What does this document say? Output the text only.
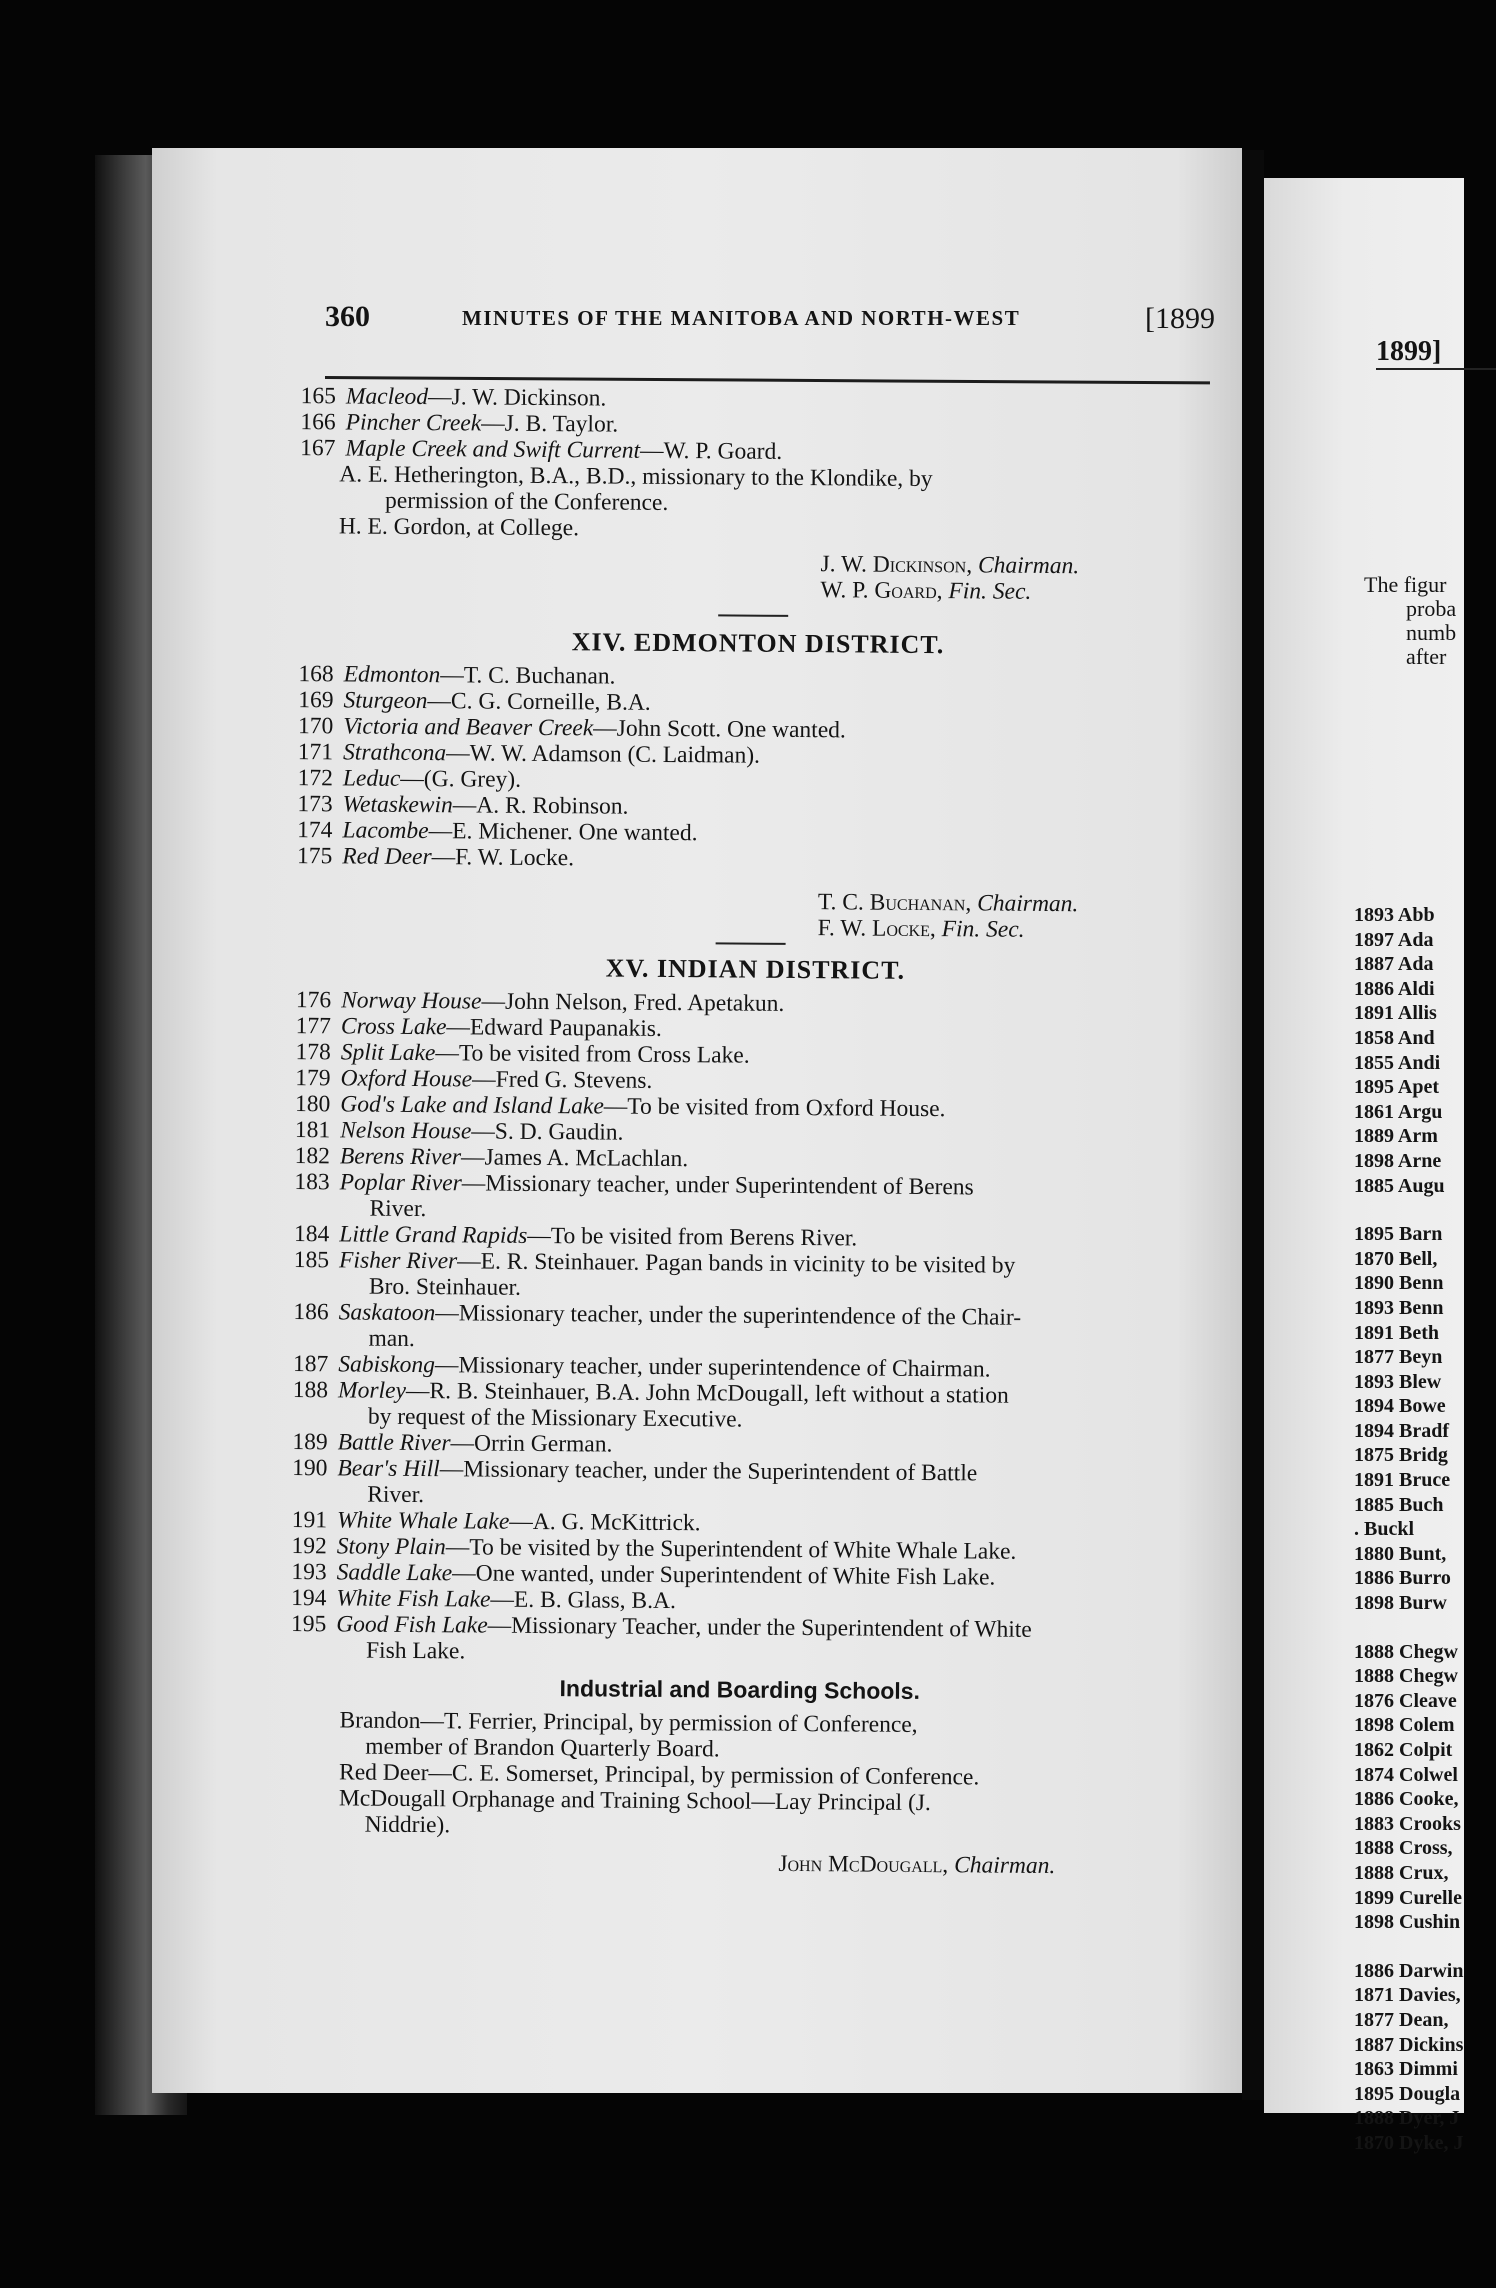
1899]
The figur
proba
numb
after
1893 Abb
1897 Ada
1887 Ada
1886 Aldi
1891 Allis
1858 And
1855 Andi
1895 Apet
1861 Argu
1889 Arm
1898 Arne
1885 Augu
1895 Barn
1870 Bell,
1890 Benn
1893 Benn
1891 Beth
1877 Beyn
1893 Blew
1894 Bowe
1894 Bradf
1875 Bridg
1891 Bruce
1885 Buch
. Buckl
1880 Bunt,
1886 Burro
1898 Burw
1888 Chegw
1888 Chegw
1876 Cleave
1898 Colem
1862 Colpit
1874 Colwel
1886 Cooke,
1883 Crooks
1888 Cross,
1888 Crux,
1899 Curelle
1898 Cushin
1886 Darwin
1871 Davies,
1877 Dean,
1887 Dickins
1863 Dimmi
1895 Dougla
1888 Dyer, J
1870 Dyke, J
360	MINUTES OF THE MANITOBA AND NORTH-WEST	[1899
165 Macleod—J. W. Dickinson.
166 Pincher Creek—J. B. Taylor.
167 Maple Creek and Swift Current—W. P. Goard.
A. E. Hetherington, B.A., B.D., missionary to the Klondike, by
permission of the Conference.
H. E. Gordon, at College.
J. W. Dickinson, Chairman.
W. P. Goard, Fin. Sec.
XIV. EDMONTON DISTRICT.
168 Edmonton—T. C. Buchanan.
169 Sturgeon—C. G. Corneille, B.A.
170 Victoria and Beaver Creek—John Scott. One wanted.
171 Strathcona—W. W. Adamson (C. Laidman).
172 Leduc—(G. Grey).
173 Wetaskewin—A. R. Robinson.
174 Lacombe—E. Michener. One wanted.
175 Red Deer—F. W. Locke.
T. C. Buchanan, Chairman.
F. W. Locke, Fin. Sec.
XV. INDIAN DISTRICT.
176 Norway House—John Nelson, Fred. Apetakun.
177 Cross Lake—Edward Paupanakis.
178 Split Lake—To be visited from Cross Lake.
179 Oxford House—Fred G. Stevens.
180 God's Lake and Island Lake—To be visited from Oxford House.
181 Nelson House—S. D. Gaudin.
182 Berens River—James A. McLachlan.
183 Poplar River—Missionary teacher, under Superintendent of Berens
River.
184 Little Grand Rapids—To be visited from Berens River.
185 Fisher River—E. R. Steinhauer. Pagan bands in vicinity to be visited by
Bro. Steinhauer.
186 Saskatoon—Missionary teacher, under the superintendence of the Chair-
man.
187 Sabiskong—Missionary teacher, under superintendence of Chairman.
188 Morley—R. B. Steinhauer, B.A. John McDougall, left without a station
by request of the Missionary Executive.
189 Battle River—Orrin German.
190 Bear's Hill—Missionary teacher, under the Superintendent of Battle
River.
191 White Whale Lake—A. G. McKittrick.
192 Stony Plain—To be visited by the Superintendent of White Whale Lake.
193 Saddle Lake—One wanted, under Superintendent of White Fish Lake.
194 White Fish Lake—E. B. Glass, B.A.
195 Good Fish Lake—Missionary Teacher, under the Superintendent of White
Fish Lake.
Industrial and Boarding Schools.
Brandon—T. Ferrier, Principal, by permission of Conference,
member of Brandon Quarterly Board.
Red Deer—C. E. Somerset, Principal, by permission of Conference.
McDougall Orphanage and Training School—Lay Principal (J.
Niddrie).
John McDougall, Chairman.
